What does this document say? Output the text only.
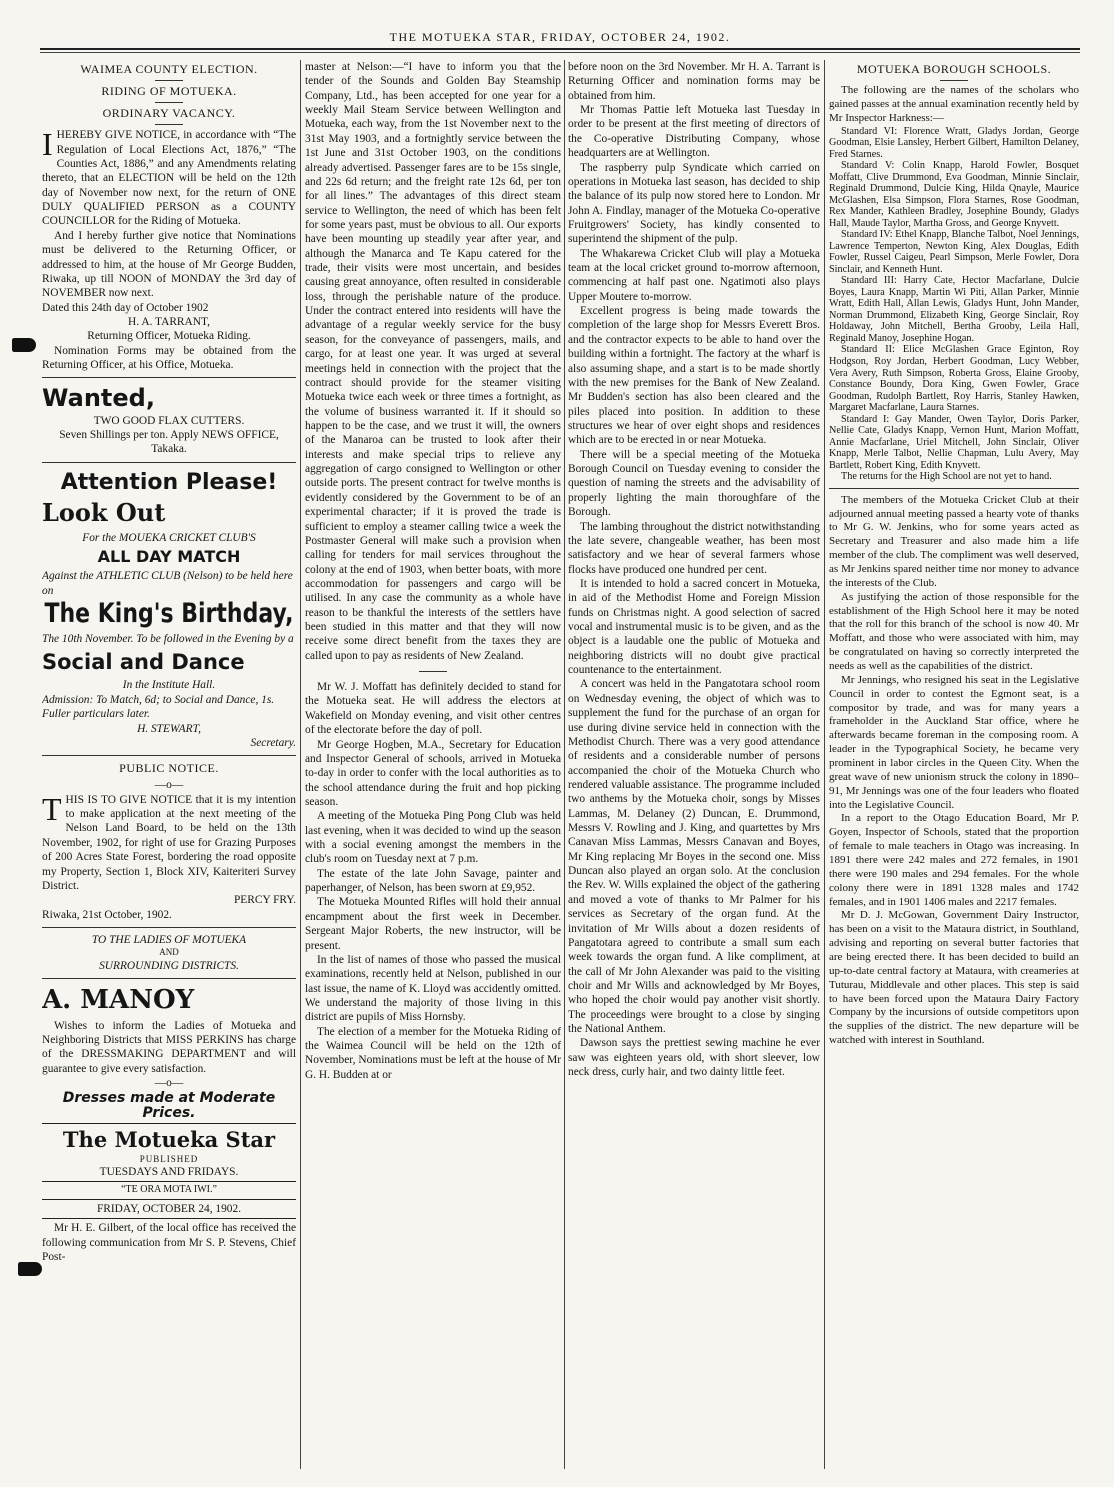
THE MOTUEKA STAR, FRIDAY, OCTOBER 24, 1902.
WAIMEA COUNTY ELECTION.
RIDING OF MOTUEKA.
ORDINARY VACANCY.

IHEREBY GIVE NOTICE, in accordance with “The Regulation of Local Elections Act, 1876,” “The Counties Act, 1886,” and any Amendments relating thereto, that an ELECTION will be held on the 12th day of November now next, for the return of ONE DULY QUALIFIED PERSON as a COUNTY COUNCILLOR for the Riding of Motueka.

And I hereby further give notice that Nominations must be delivered to the Returning Officer, or addressed to him, at the house of Mr George Budden, Riwaka, up till NOON of MONDAY the 3rd day of NOVEMBER now next.

Dated this 24th day of October 1902

H. A. TARRANT,
Returning Officer, Motueka Riding.

Nomination Forms may be obtained from the Returning Officer, at his Office, Motueka.

Wanted,
TWO GOOD FLAX CUTTERS.
Seven Shillings per ton. Apply NEWS OFFICE, Takaka.
Attention Please!
Look Out
For the MOUEKA CRICKET CLUB'S
ALL DAY MATCH
Against the ATHLETIC CLUB (Nelson) to be held here on
The King's Birthday,
The 10th November. To be followed in the Evening by a
Social and Dance
In the Institute Hall.
Admission: To Match, 6d; to Social and Dance, 1s.
Fuller particulars later.
H. STEWART,
Secretary.
PUBLIC NOTICE.
—o—

THIS IS TO GIVE NOTICE that it is my intention to make application at the next meeting of the Nelson Land Board, to be held on the 13th November, 1902, for right of use for Grazing Purposes of 200 Acres State Forest, bordering the road opposite my Property, Section 1, Block XIV, Kaiteriteri Survey District.

PERCY FRY.
Riwaka, 21st October, 1902.
TO THE LADIES OF MOTUEKA
AND
SURROUNDING DISTRICTS.
A. MANOY

Wishes to inform the Ladies of Motueka and Neighboring Districts that MISS PERKINS has charge of the DRESSMAKING DEPARTMENT and will guarantee to give every satisfaction.

—o—
Dresses made at Moderate Prices.
The Motueka Star
PUBLISHED
TUESDAYS AND FRIDAYS.
“TE ORA MOTA IWI.”
FRIDAY, OCTOBER 24, 1902.

Mr H. E. Gilbert, of the local office has received the following communication from Mr S. P. Stevens, Chief Post-

master at Nelson:—“I have to inform you that the tender of the Sounds and Golden Bay Steamship Company, Ltd., has been accepted for one year for a weekly Mail Steam Service between Wellington and Motueka, each way, from the 1st November next to the 31st May 1903, and a fortnightly service between the 1st June and 31st October 1903, on the conditions already advertised. Passenger fares are to be 15s single, and 22s 6d return; and the freight rate 12s 6d, per ton for all lines.” The advantages of this direct steam service to Wellington, the need of which has been felt for some years past, must be obvious to all. Our exports have been mounting up steadily year after year, and although the Manarca and Te Kapu catered for the trade, their visits were most uncertain, and besides causing great annoyance, often resulted in considerable loss, through the perishable nature of the produce. Under the contract entered into residents will have the advantage of a regular weekly service for the busy season, for the conveyance of passengers, mails, and cargo, for at least one year. It was urged at several meetings held in connection with the project that the contract should provide for the steamer visiting Motueka twice each week or three times a fortnight, as the volume of business warranted it. If it should so happen to be the case, and we trust it will, the owners of the Manaroa can be trusted to look after their interests and make special trips to relieve any aggregation of cargo consigned to Wellington or other outside ports. The present contract for twelve months is evidently considered by the Government to be of an experimental character; if it is proved the trade is sufficient to employ a steamer calling twice a week the Postmaster General will make such a provision when calling for tenders for mail services throughout the colony at the end of 1903, when better boats, with more accommodation for passengers and cargo will be utilised. In any case the community as a whole have reason to be thankful the interests of the settlers have been studied in this matter and that they will now receive some direct benefit from the taxes they are called upon to pay as residents of New Zealand.

Mr W. J. Moffatt has definitely decided to stand for the Motueka seat. He will address the electors at Wakefield on Monday evening, and visit other centres of the electorate before the day of poll.

Mr George Hogben, M.A., Secretary for Education and Inspector General of schools, arrived in Motueka to-day in order to confer with the local authorities as to the school attendance during the fruit and hop picking season.

A meeting of the Motueka Ping Pong Club was held last evening, when it was decided to wind up the season with a social evening amongst the members in the club's room on Tuesday next at 7 p.m.

The estate of the late John Savage, painter and paperhanger, of Nelson, has been sworn at £9,952.

The Motueka Mounted Rifles will hold their annual encampment about the first week in December. Sergeant Major Roberts, the new instructor, will be present.

In the list of names of those who passed the musical examinations, recently held at Nelson, published in our last issue, the name of K. Lloyd was accidently omitted. We understand the majority of those living in this district are pupils of Miss Hornsby.

The election of a member for the Motueka Riding of the Waimea Council will be held on the 12th of November, Nominations must be left at the house of Mr G. H. Budden at or

before noon on the 3rd November. Mr H. A. Tarrant is Returning Officer and nomination forms may be obtained from him.

Mr Thomas Pattie left Motueka last Tuesday in order to be present at the first meeting of directors of the Co-operative Distributing Company, whose headquarters are at Wellington.

The raspberry pulp Syndicate which carried on operations in Motueka last season, has decided to ship the balance of its pulp now stored here to London. Mr John A. Findlay, manager of the Motueka Co-operative Fruitgrowers' Society, has kindly consented to superintend the shipment of the pulp.

The Whakarewa Cricket Club will play a Motueka team at the local cricket ground to-morrow afternoon, commencing at half past one. Ngatimoti also plays Upper Moutere to-morrow.

Excellent progress is being made towards the completion of the large shop for Messrs Everett Bros. and the contractor expects to be able to hand over the building within a fortnight. The factory at the wharf is also assuming shape, and a start is to be made shortly with the new premises for the Bank of New Zealand. Mr Budden's section has also been cleared and the piles placed into position. In addition to these structures we hear of over eight shops and residences which are to be erected in or near Motueka.

There will be a special meeting of the Motueka Borough Council on Tuesday evening to consider the question of naming the streets and the advisability of properly lighting the main thoroughfare of the Borough.

The lambing throughout the district notwithstanding the late severe, changeable weather, has been most satisfactory and we hear of several farmers whose flocks have produced one hundred per cent.

It is intended to hold a sacred concert in Motueka, in aid of the Methodist Home and Foreign Mission funds on Christmas night. A good selection of sacred vocal and instrumental music is to be given, and as the object is a laudable one the public of Motueka and neighboring districts will no doubt give practical countenance to the entertainment.

A concert was held in the Pangatotara school room on Wednesday evening, the object of which was to supplement the fund for the purchase of an organ for use during divine service held in connection with the Methodist Church. There was a very good attendance of residents and a considerable number of persons accompanied the choir of the Motueka Church who rendered valuable assistance. The programme included two anthems by the Motueka choir, songs by Misses Lammas, M. Delaney (2) Duncan, E. Drummond, Messrs V. Rowling and J. King, and quartettes by Mrs Canavan Miss Lammas, Messrs Canavan and Boyes, Mr King replacing Mr Boyes in the second one. Miss Duncan also played an organ solo. At the conclusion the Rev. W. Wills explained the object of the gathering and moved a vote of thanks to Mr Palmer for his services as Secretary of the organ fund. At the invitation of Mr Wills about a dozen residents of Pangatotara agreed to contribute a small sum each week towards the organ fund. A like compliment, at the call of Mr John Alexander was paid to the visiting choir and Mr Wills and acknowledged by Mr Boyes, who hoped the choir would pay another visit shortly. The proceedings were brought to a close by singing the National Anthem.

Dawson says the prettiest sewing machine he ever saw was eighteen years old, with short sleever, low neck dress, curly hair, and two dainty little feet.

MOTUEKA BOROUGH SCHOOLS.

The following are the names of the scholars who gained passes at the annual examination recently held by Mr Inspector Harkness:—

Standard VI: Florence Wratt, Gladys Jordan, George Goodman, Elsie Lansley, Herbert Gilbert, Hamilton Delaney, Fred Starnes.

Standard V: Colin Knapp, Harold Fowler, Bosquet Moffatt, Clive Drummond, Eva Goodman, Minnie Sinclair, Reginald Drummond, Dulcie King, Hilda Qnayle, Maurice McGlashen, Elsa Simpson, Flora Starnes, Rose Goodman, Rex Mander, Kathleen Bradley, Josephine Boundy, Gladys Hall, Maude Taylor, Martha Gross, and George Knyvett.

Standard IV: Ethel Knapp, Blanche Talbot, Noel Jennings, Lawrence Temperton, Newton King, Alex Douglas, Edith Fowler, Russel Caigeu, Pearl Simpson, Merle Fowler, Dora Sinclair, and Kenneth Hunt.

Standard III: Harry Cate, Hector Macfarlane, Dulcie Boyes, Laura Knapp, Martin Wi Piti, Allan Parker, Minnie Wratt, Edith Hall, Allan Lewis, Gladys Hunt, John Mander, Norman Drummond, Elizabeth King, George Sinclair, Roy Holdaway, John Mitchell, Bertha Grooby, Leila Hall, Reginald Manoy, Josephine Hogan.

Standard II: Elice McGlashen Grace Eginton, Roy Hodgson, Roy Jordan, Herbert Goodman, Lucy Webber, Vera Avery, Ruth Simpson, Roberta Gross, Elaine Grooby, Constance Boundy, Dora King, Gwen Fowler, Grace Goodman, Rudolph Bartlett, Roy Harris, Stanley Hawken, Margaret Macfarlane, Laura Starnes.

Standard I: Gay Mander, Owen Taylor, Doris Parker, Nellie Cate, Gladys Knapp, Vernon Hunt, Marion Moffatt, Annie Macfarlane, Uriel Mitchell, John Sinclair, Oliver Knapp, Merle Talbot, Nellie Chapman, Lulu Avery, May Bartlett, Robert King, Edith Knyvett.

The returns for the High School are not yet to hand.

The members of the Motueka Cricket Club at their adjourned annual meeting passed a hearty vote of thanks to Mr G. W. Jenkins, who for some years acted as Secretary and Treasurer and also made him a life member of the club. The compliment was well deserved, as Mr Jenkins spared neither time nor money to advance the interests of the Club.

As justifying the action of those responsible for the establishment of the High School here it may be noted that the roll for this branch of the school is now 40. Mr Moffatt, and those who were associated with him, may be congratulated on having so correctly interpreted the needs as well as the capabilities of the district.

Mr Jennings, who resigned his seat in the Legislative Council in order to contest the Egmont seat, is a compositor by trade, and was for many years a frameholder in the Auckland Star office, where he afterwards became foreman in the composing room. A leader in the Typographical Society, he became very prominent in labor circles in the Queen City. When the great wave of new unionism struck the colony in 1890–91, Mr Jennings was one of the four leaders who floated into the Legislative Council.

In a report to the Otago Education Board, Mr P. Goyen, Inspector of Schools, stated that the proportion of female to male teachers in Otago was increasing. In 1891 there were 242 males and 272 females, in 1901 there were 190 males and 294 females. For the whole colony there were in 1891 1328 males and 1742 females, and in 1901 1406 males and 2217 females.

Mr D. J. McGowan, Government Dairy Instructor, has been on a visit to the Mataura district, in Southland, advising and reporting on several butter factories that are being erected there. It has been decided to build an up-to-date central factory at Mataura, with creameries at Tuturau, Middlevale and other places. This step is said to have been forced upon the Mataura Dairy Factory Company by the incursions of outside competitors upon the supplies of the district. The new departure will be watched with interest in Southland.
